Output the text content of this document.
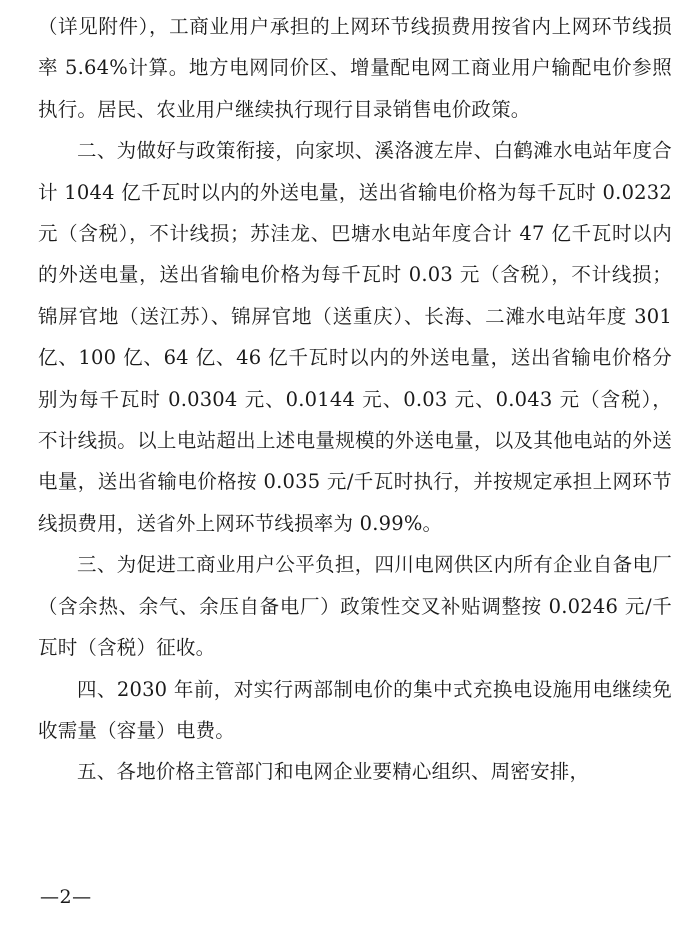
（详见附件），工商业用户承担的上网环节线损费用按省内上网环节线损率 5.64%计算。地方电网同价区、增量配电网工商业用户输配电价参照执行。居民、农业用户继续执行现行目录销售电价政策。

二、为做好与政策衔接，向家坝、溪洛渡左岸、白鹤滩水电站年度合计 1044 亿千瓦时以内的外送电量，送出省输电价格为每千瓦时 0.0232 元（含税），不计线损；苏洼龙、巴塘水电站年度合计 47 亿千瓦时以内的外送电量，送出省输电价格为每千瓦时 0.03 元（含税），不计线损；锦屏官地（送江苏）、锦屏官地（送重庆）、长海、二滩水电站年度 301 亿、100 亿、64 亿、46 亿千瓦时以内的外送电量，送出省输电价格分别为每千瓦时 0.0304 元、0.0144 元、0.03 元、0.043 元（含税），不计线损。以上电站超出上述电量规模的外送电量，以及其他电站的外送电量，送出省输电价格按 0.035 元/千瓦时执行，并按规定承担上网环节线损费用，送省外上网环节线损率为 0.99%。

三、为促进工商业用户公平负担，四川电网供区内所有企业自备电厂（含余热、余气、余压自备电厂）政策性交叉补贴调整按 0.0246 元/千瓦时（含税）征收。

四、2030 年前，对实行两部制电价的集中式充换电设施用电继续免收需量（容量）电费。

五、各地价格主管部门和电网企业要精心组织、周密安排，

—2—
